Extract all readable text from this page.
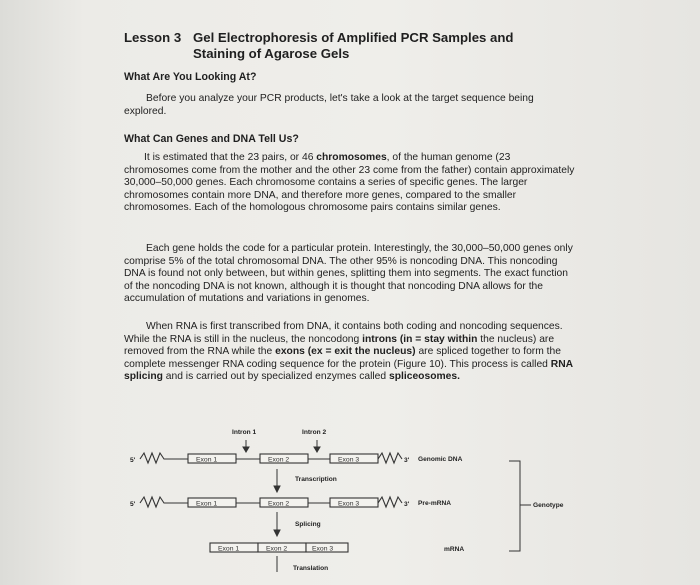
Lesson 3 Gel Electrophoresis of Amplified PCR Samples and
Staining of Agarose Gels
What Are You Looking At?

Before you analyze your PCR products, let's take a look at the target sequence being explored.

What Can Genes and DNA Tell Us?

It is estimated that the 23 pairs, or 46 chromosomes, of the human genome (23 chromosomes come from the mother and the other 23 come from the father) contain approximately 30,000–50,000 genes. Each chromosome contains a series of specific genes. The larger chromosomes contain more DNA, and therefore more genes, compared to the smaller chromosomes. Each of the homologous chromosome pairs contains similar genes.

Each gene holds the code for a particular protein. Interestingly, the 30,000–50,000 genes only comprise 5% of the total chromosomal DNA. The other 95% is noncoding DNA. This noncoding DNA is found not only between, but within genes, splitting them into segments. The exact function of the noncoding DNA is not known, although it is thought that noncoding DNA allows for the accumulation of mutations and variations in genomes.

When RNA is first transcribed from DNA, it contains both coding and noncoding sequences. While the RNA is still in the nucleus, the noncodong introns (in = stay within the nucleus) are removed from the RNA while the exons (ex = exit the nucleus) are spliced together to form the complete messenger RNA coding sequence for the protein (Figure 10). This process is called RNA splicing and is carried out by specialized enzymes called spliceosomes.

Intron 1	Intron 2
5'	Exon 1	Exon 2	Exon 3	3' Genomic DNA
Transcription
5'	Exon 1	Exon 2	Exon 3	3' Pre-mRNA
Splicing
Exon 1	Exon 2	Exon 3	mRNA
Genotype
Translation
